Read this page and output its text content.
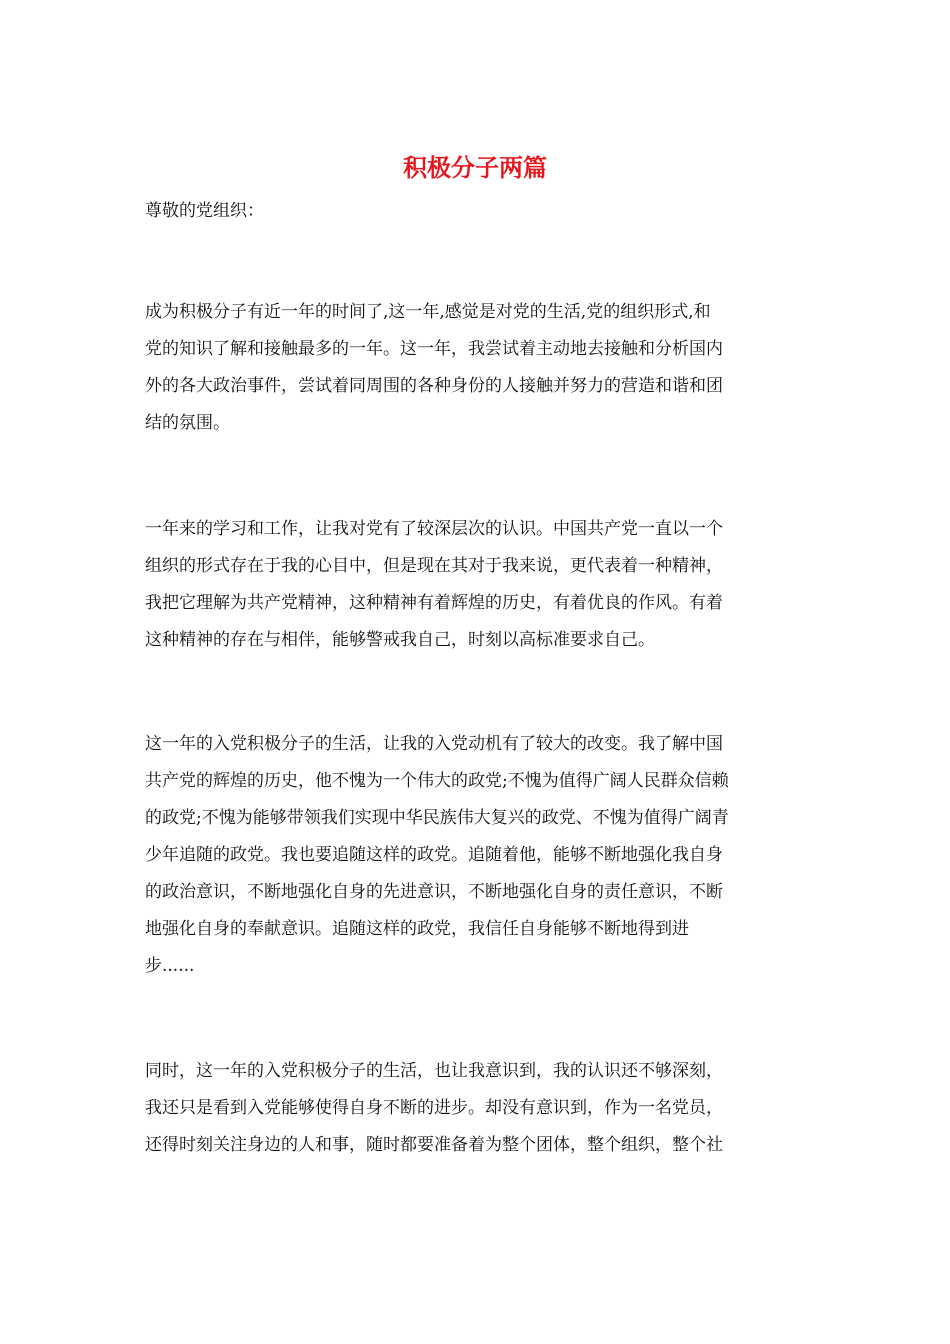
积极分子两篇
尊敬的党组织：
成为积极分子有近一年的时间了,这一年,感觉是对党的生活,党的组织形式,和
党的知识了解和接触最多的一年。这一年，我尝试着主动地去接触和分析国内
外的各大政治事件，尝试着同周围的各种身份的人接触并努力的营造和谐和团
结的氛围。
一年来的学习和工作，让我对党有了较深层次的认识。中国共产党一直以一个
组织的形式存在于我的心目中，但是现在其对于我来说，更代表着一种精神，
我把它理解为共产党精神，这种精神有着辉煌的历史，有着优良的作风。有着
这种精神的存在与相伴，能够警戒我自己，时刻以高标准要求自己。
这一年的入党积极分子的生活，让我的入党动机有了较大的改变。我了解中国
共产党的辉煌的历史，他不愧为一个伟大的政党;不愧为值得广阔人民群众信赖
的政党;不愧为能够带领我们实现中华民族伟大复兴的政党、不愧为值得广阔青
少年追随的政党。我也要追随这样的政党。追随着他，能够不断地强化我自身
的政治意识，不断地强化自身的先进意识，不断地强化自身的责任意识，不断
地强化自身的奉献意识。追随这样的政党，我信任自身能够不断地得到进
步......
同时，这一年的入党积极分子的生活，也让我意识到，我的认识还不够深刻，
我还只是看到入党能够使得自身不断的进步。却没有意识到，作为一名党员，
还得时刻关注身边的人和事，随时都要准备着为整个团体，整个组织，整个社
